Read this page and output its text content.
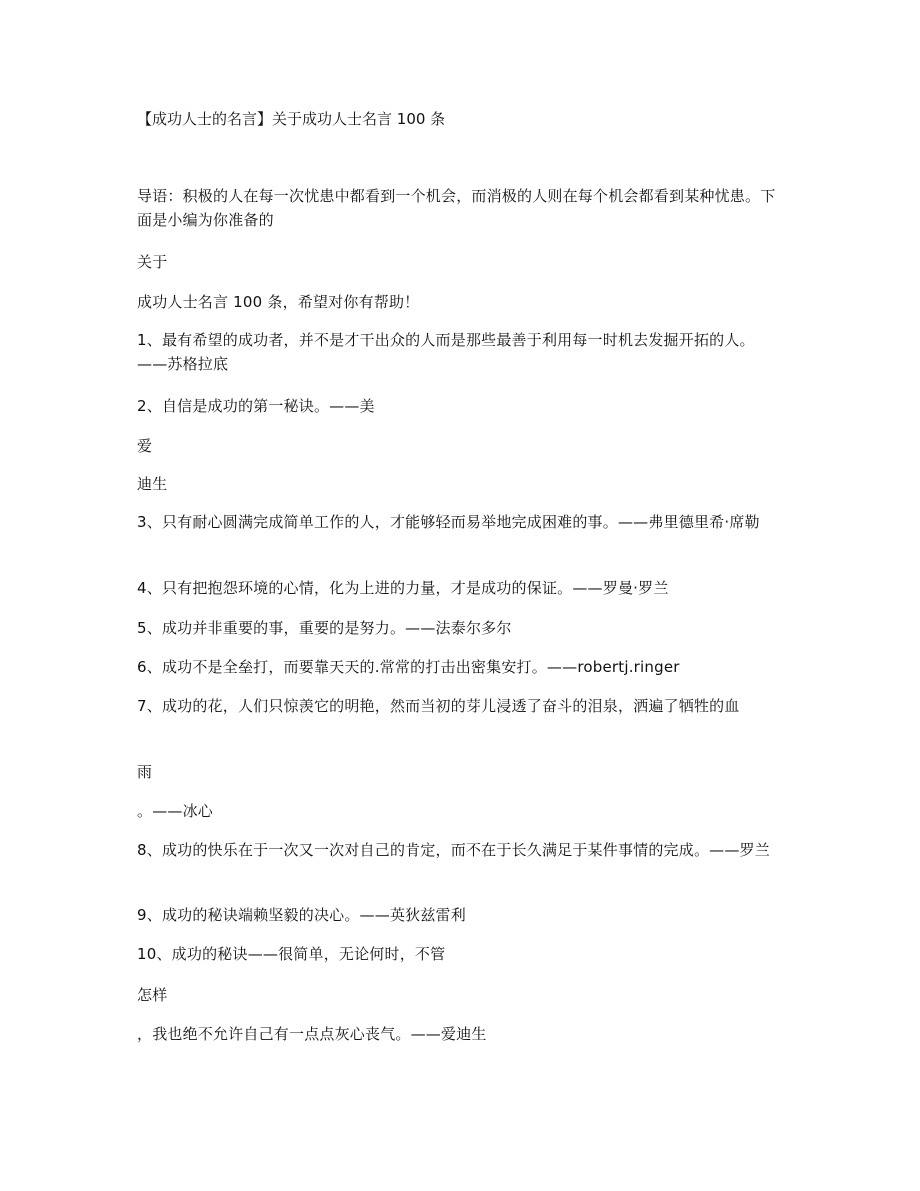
【成功人士的名言】关于成功人士名言 100 条
导语：积极的人在每一次忧患中都看到一个机会，而消极的人则在每个机会都看到某种忧患。下面是小编为你准备的
关于
成功人士名言 100 条，希望对你有帮助！
1、最有希望的成功者，并不是才干出众的人而是那些最善于利用每一时机去发掘开拓的人。——苏格拉底
2、自信是成功的第一秘诀。——美
爱
迪生
3、只有耐心圆满完成简单工作的人，才能够轻而易举地完成困难的事。——弗里德里希·席勒
4、只有把抱怨环境的心情，化为上进的力量，才是成功的保证。——罗曼·罗兰
5、成功并非重要的事，重要的是努力。——法泰尔多尔
6、成功不是全垒打，而要靠天天的.常常的打击出密集安打。——robertj.ringer
7、成功的花，人们只惊羡它的明艳，然而当初的芽儿浸透了奋斗的泪泉，洒遍了牺牲的血
雨
。——冰心
8、成功的快乐在于一次又一次对自己的肯定，而不在于长久满足于某件事情的完成。——罗兰
9、成功的秘诀端赖坚毅的决心。——英狄兹雷利
10、成功的秘诀——很简单，无论何时，不管
怎样
，我也绝不允许自己有一点点灰心丧气。——爱迪生
